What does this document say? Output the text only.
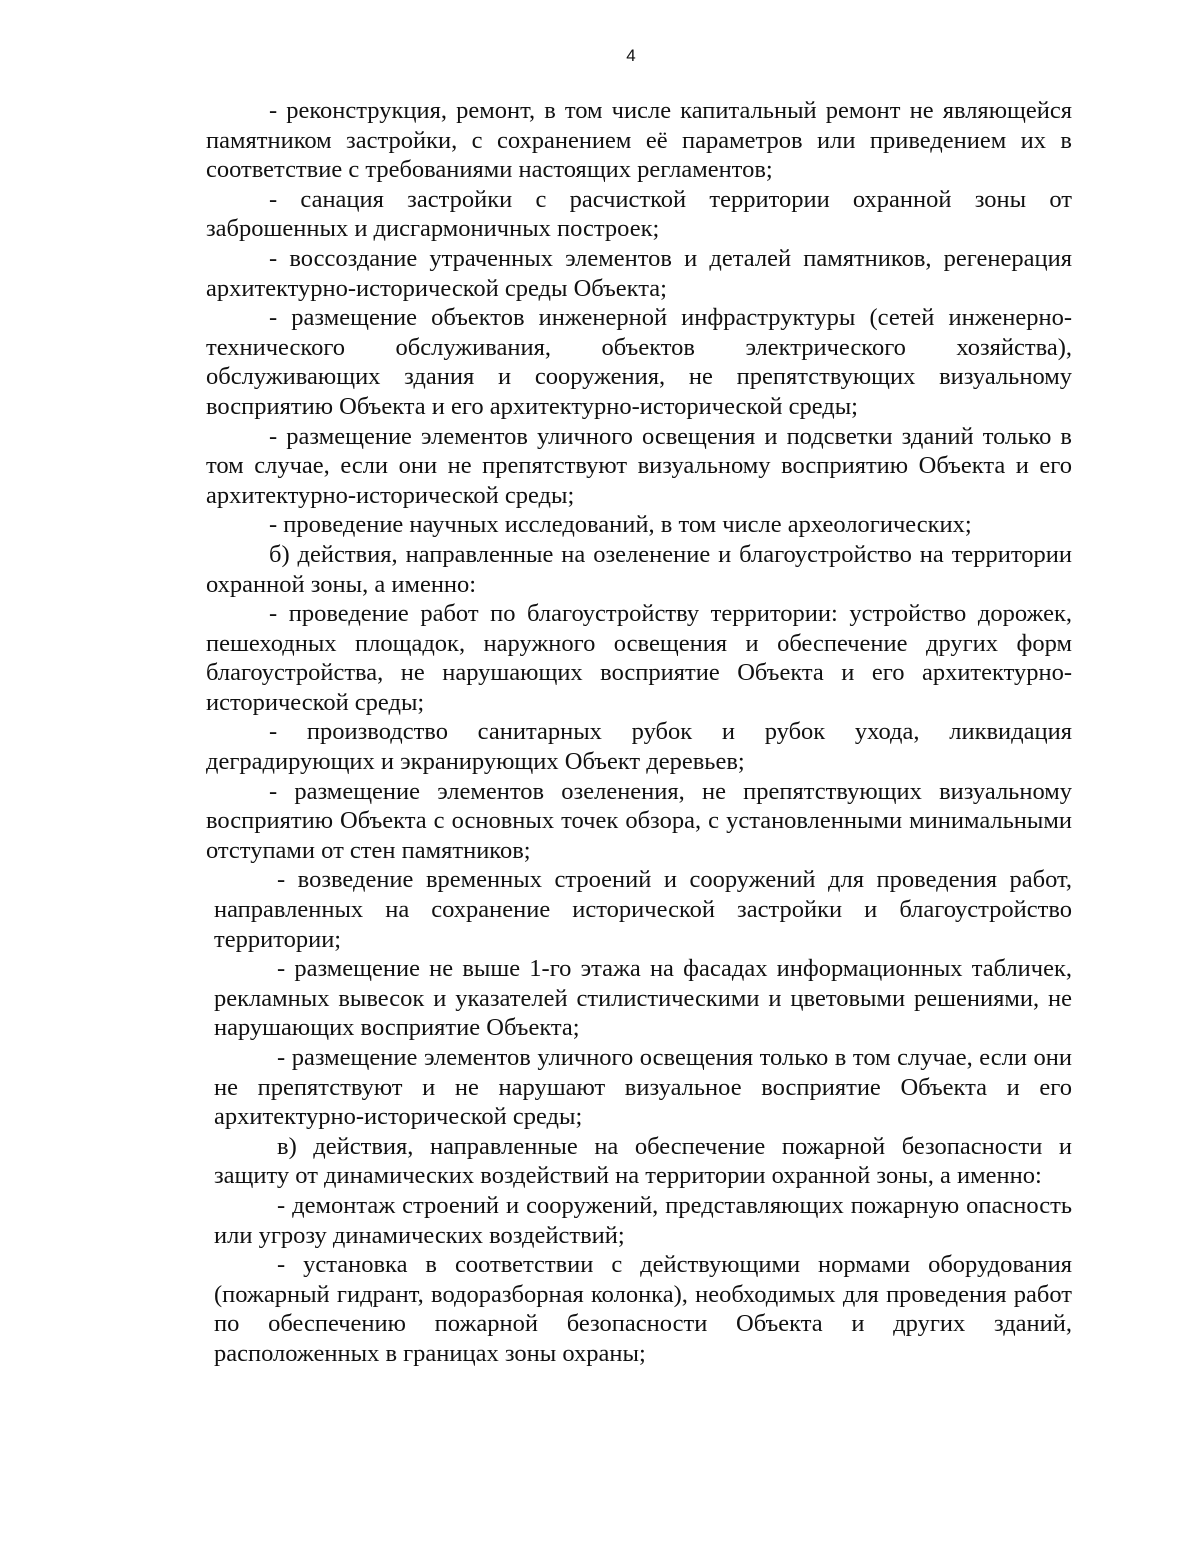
4

- реконструкция, ремонт, в том числе капитальный ремонт не являющейся памятником застройки, с сохранением её параметров или приведением их в соответствие с требованиями настоящих регламентов;

- санация застройки с расчисткой территории охранной зоны от заброшенных и дисгармоничных построек;

- воссоздание утраченных элементов и деталей памятников, регенерация архитектурно-исторической среды Объекта;

- размещение объектов инженерной инфраструктуры (сетей инженерно-технического обслуживания, объектов электрического хозяйства), обслуживающих здания и сооружения, не препятствующих визуальному восприятию Объекта и его архитектурно-исторической среды;

- размещение элементов уличного освещения и подсветки зданий только в том случае, если они не препятствуют визуальному восприятию Объекта и его архитектурно-исторической среды;

- проведение научных исследований, в том числе археологических;

б) действия, направленные на озеленение и благоустройство на территории охранной зоны, а именно:

- проведение работ по благоустройству территории: устройство дорожек, пешеходных площадок, наружного освещения и обеспечение других форм благоустройства, не нарушающих восприятие Объекта и его архитектурно-исторической среды;

- производство санитарных рубок и рубок ухода, ликвидация деградирующих и экранирующих Объект деревьев;

- размещение элементов озеленения, не препятствующих визуальному восприятию Объекта с основных точек обзора, с установленными минимальными отступами от стен памятников;

- возведение временных строений и сооружений для проведения работ, направленных на сохранение исторической застройки и благоустройство территории;

- размещение не выше 1-го этажа на фасадах информационных табличек, рекламных вывесок и указателей стилистическими и цветовыми решениями, не нарушающих восприятие Объекта;

- размещение элементов уличного освещения только в том случае, если они не препятствуют и не нарушают визуальное восприятие Объекта и его архитектурно-исторической среды;

в) действия, направленные на обеспечение пожарной безопасности и защиту от динамических воздействий на территории охранной зоны, а именно:

- демонтаж строений и сооружений, представляющих пожарную опасность или угрозу динамических воздействий;

- установка в соответствии с действующими нормами оборудования (пожарный гидрант, водоразборная колонка), необходимых для проведения работ по обеспечению пожарной безопасности Объекта и других зданий, расположенных в границах зоны охраны;
